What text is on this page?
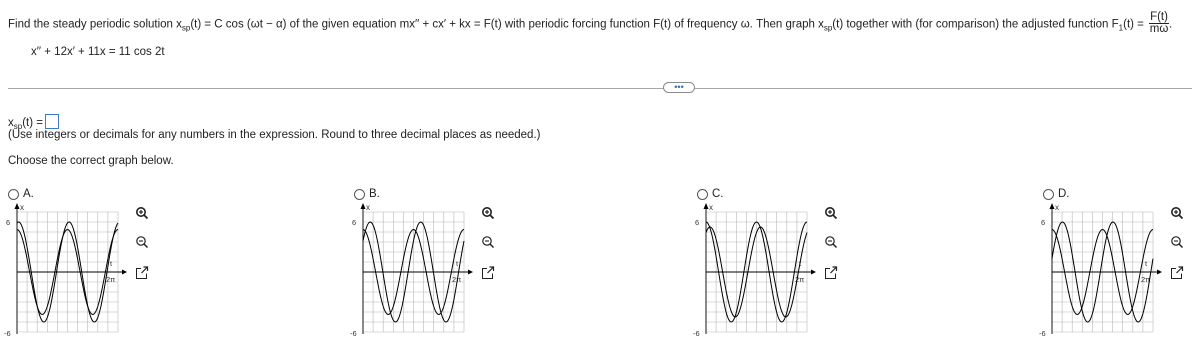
Find the steady periodic solution $x_{sp}(t) = C$ cos (ωt − α) of the given equation mx′′ + cx′ + kx = F(t) with periodic forcing function F(t) of frequency ω. Then graph $x_{sp}(t)$ together with (for comparison) the adjusted function $F_1(t) = \frac{F(t)}{m\omega}$ .
x′′ + 12x′ + 11x = 11 cos 2t
•••
$x_{sp}(t)$ =
(Use integers or decimals for any numbers in the expression. Round to three decimal places as needed.)
Choose the correct graph below.
A.
x
6
-6
t
2π
B.
x
6
-6
t
2π
C.
x
6
-6
t
2π
D.
x
6
-6
t
2π
